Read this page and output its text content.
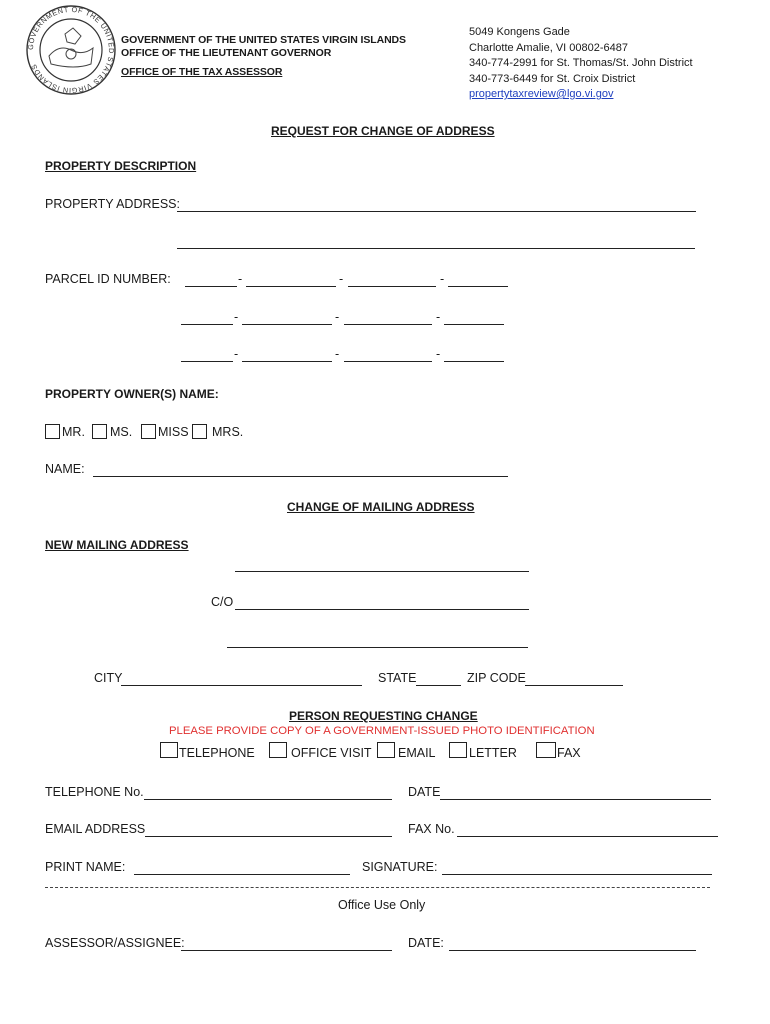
GOVERNMENT OF THE UNITED STATES VIRGIN ISLANDS
GOVERNMENT OF THE UNITED STATES VIRGIN ISLANDS
OFFICE OF THE LIEUTENANT GOVERNOR
OFFICE OF THE TAX ASSESSOR
5049 Kongens Gade
Charlotte Amalie, VI 00802-6487
340-774-2991 for St. Thomas/St. John District
340-773-6449 for St. Croix District
propertytaxreview@lgo.vi.gov
REQUEST FOR CHANGE OF ADDRESS
PROPERTY DESCRIPTION
PROPERTY ADDRESS:
PARCEL ID NUMBER:	-	-	-
-	-	-
-	-	-
PROPERTY OWNER(S) NAME:
MR. MS. MISS MRS.
NAME:
CHANGE OF MAILING ADDRESS
NEW MAILING ADDRESS
C/O
CITY	STATE	ZIP CODE
PERSON REQUESTING CHANGE
PLEASE PROVIDE COPY OF A GOVERNMENT-ISSUED PHOTO IDENTIFICATION
TELEPHONE	OFFICE VISIT EMAIL	LETTER	FAX
TELEPHONE No.	DATE
EMAIL ADDRESS	FAX No.
PRINT NAME:	SIGNATURE:
Office Use Only
ASSESSOR/ASSIGNEE:	DATE:
